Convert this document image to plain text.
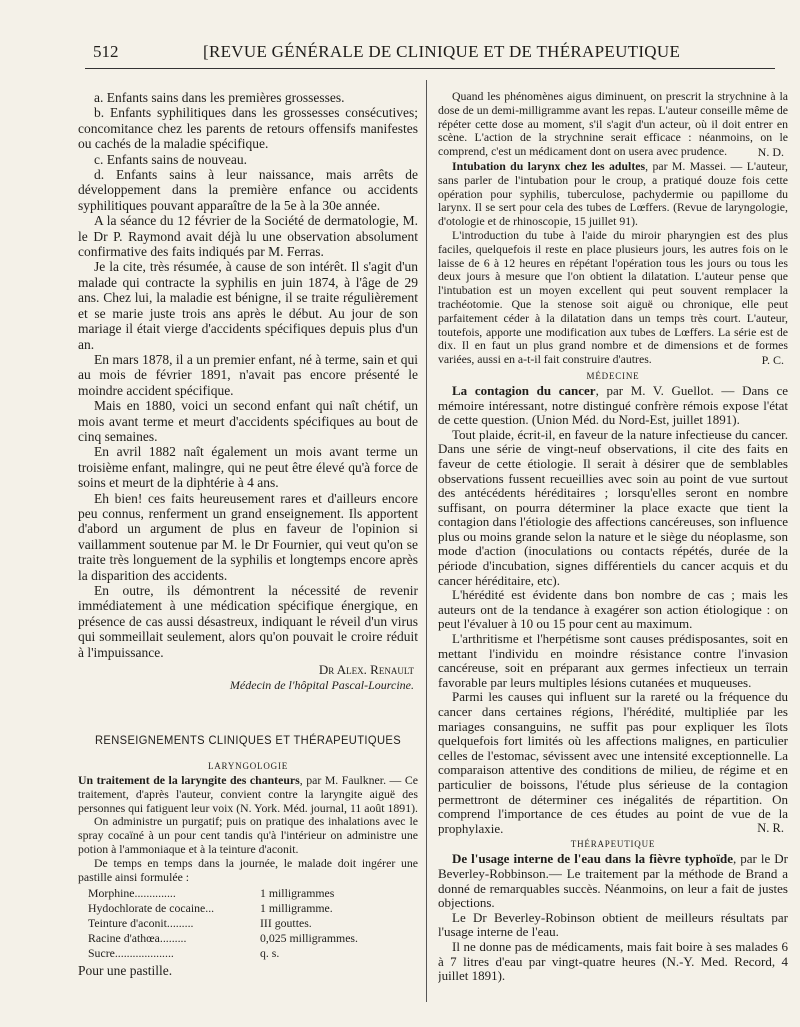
512	[REVUE GÉNÉRALE DE CLINIQUE ET DE THÉRAPEUTIQUE

a. Enfants sains dans les premières grossesses.

b. Enfants syphilitiques dans les grossesses consécutives; concomitance chez les parents de retours offensifs manifestes ou cachés de la maladie spécifique.

c. Enfants sains de nouveau.

d. Enfants sains à leur naissance, mais arrêts de développement dans la première enfance ou accidents syphilitiques pouvant apparaître de la 5e à la 30e année.

A la séance du 12 février de la Société de dermatologie, M. le Dr P. Raymond avait déjà lu une observation absolument confirmative des faits indiqués par M. Ferras.

Je la cite, très résumée, à cause de son intérêt. Il s'agit d'un malade qui contracte la syphilis en juin 1874, à l'âge de 29 ans. Chez lui, la maladie est bénigne, il se traite régulièrement et se marie juste trois ans après le début. Au jour de son mariage il était vierge d'accidents spécifiques depuis plus d'un an.

En mars 1878, il a un premier enfant, né à terme, sain et qui au mois de février 1891, n'avait pas encore présenté le moindre accident spécifique.

Mais en 1880, voici un second enfant qui naît chétif, un mois avant terme et meurt d'accidents spécifiques au bout de cinq semaines.

En avril 1882 naît également un mois avant terme un troisième enfant, malingre, qui ne peut être élevé qu'à force de soins et meurt de la diphtérie à 4 ans.

Eh bien! ces faits heureusement rares et d'ailleurs encore peu connus, renferment un grand enseignement. Ils apportent d'abord un argument de plus en faveur de l'opinion si vaillamment soutenue par M. le Dr Fournier, qui veut qu'on se traite très longuement de la syphilis et longtemps encore après la disparition des accidents.

En outre, ils démontrent la nécessité de revenir immédiatement à une médication spécifique énergique, en présence de cas aussi désastreux, indiquant le réveil d'un virus qui sommeillait seulement, alors qu'on pouvait le croire réduit à l'impuissance.

Dr Alex. Renault
Médecin de l'hôpital Pascal-Lourcine.
RENSEIGNEMENTS CLINIQUES ET THÉRAPEUTIQUES
LARYNGOLOGIE

Un traitement de la laryngite des chanteurs, par M. Faulkner. — Ce traitement, d'après l'auteur, convient contre la laryngite aiguë des personnes qui fatiguent leur voix (N. York. Méd. journal, 11 août 1891).

On administre un purgatif; puis on pratique des inhalations avec le spray cocaïné à un pour cent tandis qu'à l'intérieur on administre une potion à l'ammoniaque et à la teinture d'aconit.

De temps en temps dans la journée, le malade doit ingérer une pastille ainsi formulée :

Morphine..............	1 milligrammes
Hydochlorate de cocaine...	1 milligramme.
Teinture d'aconit.........	III gouttes.
Racine d'athœa.........	0,025 milligrammes.
Sucre....................	q. s.

Pour une pastille.

Quand les phénomènes aigus diminuent, on prescrit la strychnine à la dose de un demi-milligramme avant les repas. L'auteur conseille même de répéter cette dose au moment, s'il s'agit d'un acteur, où il doit entrer en scène. L'action de la strychnine serait efficace : néanmoins, on le comprend, c'est un médicament dont on usera avec prudence.	N. D.

Intubation du larynx chez les adultes, par M. Massei. — L'auteur, sans parler de l'intubation pour le croup, a pratiqué douze fois cette opération pour syphilis, tuberculose, pachydermie ou papillome du larynx. Il se sert pour cela des tubes de Lœffers. (Revue de laryngologie, d'otologie et de rhinoscopie, 15 juillet 91).

L'introduction du tube à l'aide du miroir pharyngien est des plus faciles, quelquefois il reste en place plusieurs jours, les autres fois on le laisse de 6 à 12 heures en répétant l'opération tous les jours ou tous les deux jours à mesure que l'on obtient la dilatation. L'auteur pense que l'intubation est un moyen excellent qui peut souvent remplacer la trachéotomie. Que la stenose soit aiguë ou chronique, elle peut parfaitement céder à la dilatation dans un temps très court. L'auteur, toutefois, apporte une modification aux tubes de Lœffers. La série est de dix. Il en faut un plus grand nombre et de dimensions et de formes variées, aussi en a-t-il fait construire d'autres.	P. C.
MÉDECINE

La contagion du cancer, par M. V. Guellot. — Dans ce mémoire intéressant, notre distingué confrère rémois expose l'état de cette question. (Union Méd. du Nord-Est, juillet 1891).

Tout plaide, écrit-il, en faveur de la nature infectieuse du cancer. Dans une série de vingt-neuf observations, il cite des faits en faveur de cette étiologie. Il serait à désirer que de semblables observations fussent recueillies avec soin au point de vue surtout des antécédents héréditaires ; lorsqu'elles seront en nombre suffisant, on pourra déterminer la place exacte que tient la contagion dans l'étiologie des affections cancéreuses, son influence plus ou moins grande selon la nature et le siège du néoplasme, son mode d'action (inoculations ou contacts répétés, durée de la période d'incubation, signes différentiels du cancer acquis et du cancer héréditaire, etc).

L'hérédité est évidente dans bon nombre de cas ; mais les auteurs ont de la tendance à exagérer son action étiologique : on peut l'évaluer à 10 ou 15 pour cent au maximum.

L'arthritisme et l'herpétisme sont causes prédisposantes, soit en mettant l'individu en moindre résistance contre l'invasion cancéreuse, soit en préparant aux germes infectieux un terrain favorable par leurs multiples lésions cutanées et muqueuses.

Parmi les causes qui influent sur la rareté ou la fréquence du cancer dans certaines régions, l'hérédité, multipliée par les mariages consanguins, ne suffit pas pour expliquer les îlots quelquefois fort limités où les affections malignes, en particulier celles de l'estomac, sévissent avec une intensité exceptionnelle. La comparaison attentive des conditions de milieu, de régime et en particulier de boissons, l'étude plus sérieuse de la contagion permettront de déterminer ces inégalités de répartition. On comprend l'importance de ces études au point de vue de la prophylaxie.	N. R.
THÉRAPEUTIQUE

De l'usage interne de l'eau dans la fièvre typhoïde, par le Dr Beverley-Robbinson.— Le traitement par la méthode de Brand a donné de remarquables succès. Néanmoins, on leur a fait de justes objections.

Le Dr Beverley-Robinson obtient de meilleurs résultats par l'usage interne de l'eau.

Il ne donne pas de médicaments, mais fait boire à ses malades 6 à 7 litres d'eau par vingt-quatre heures (N.-Y. Med. Record, 4 juillet 1891).
